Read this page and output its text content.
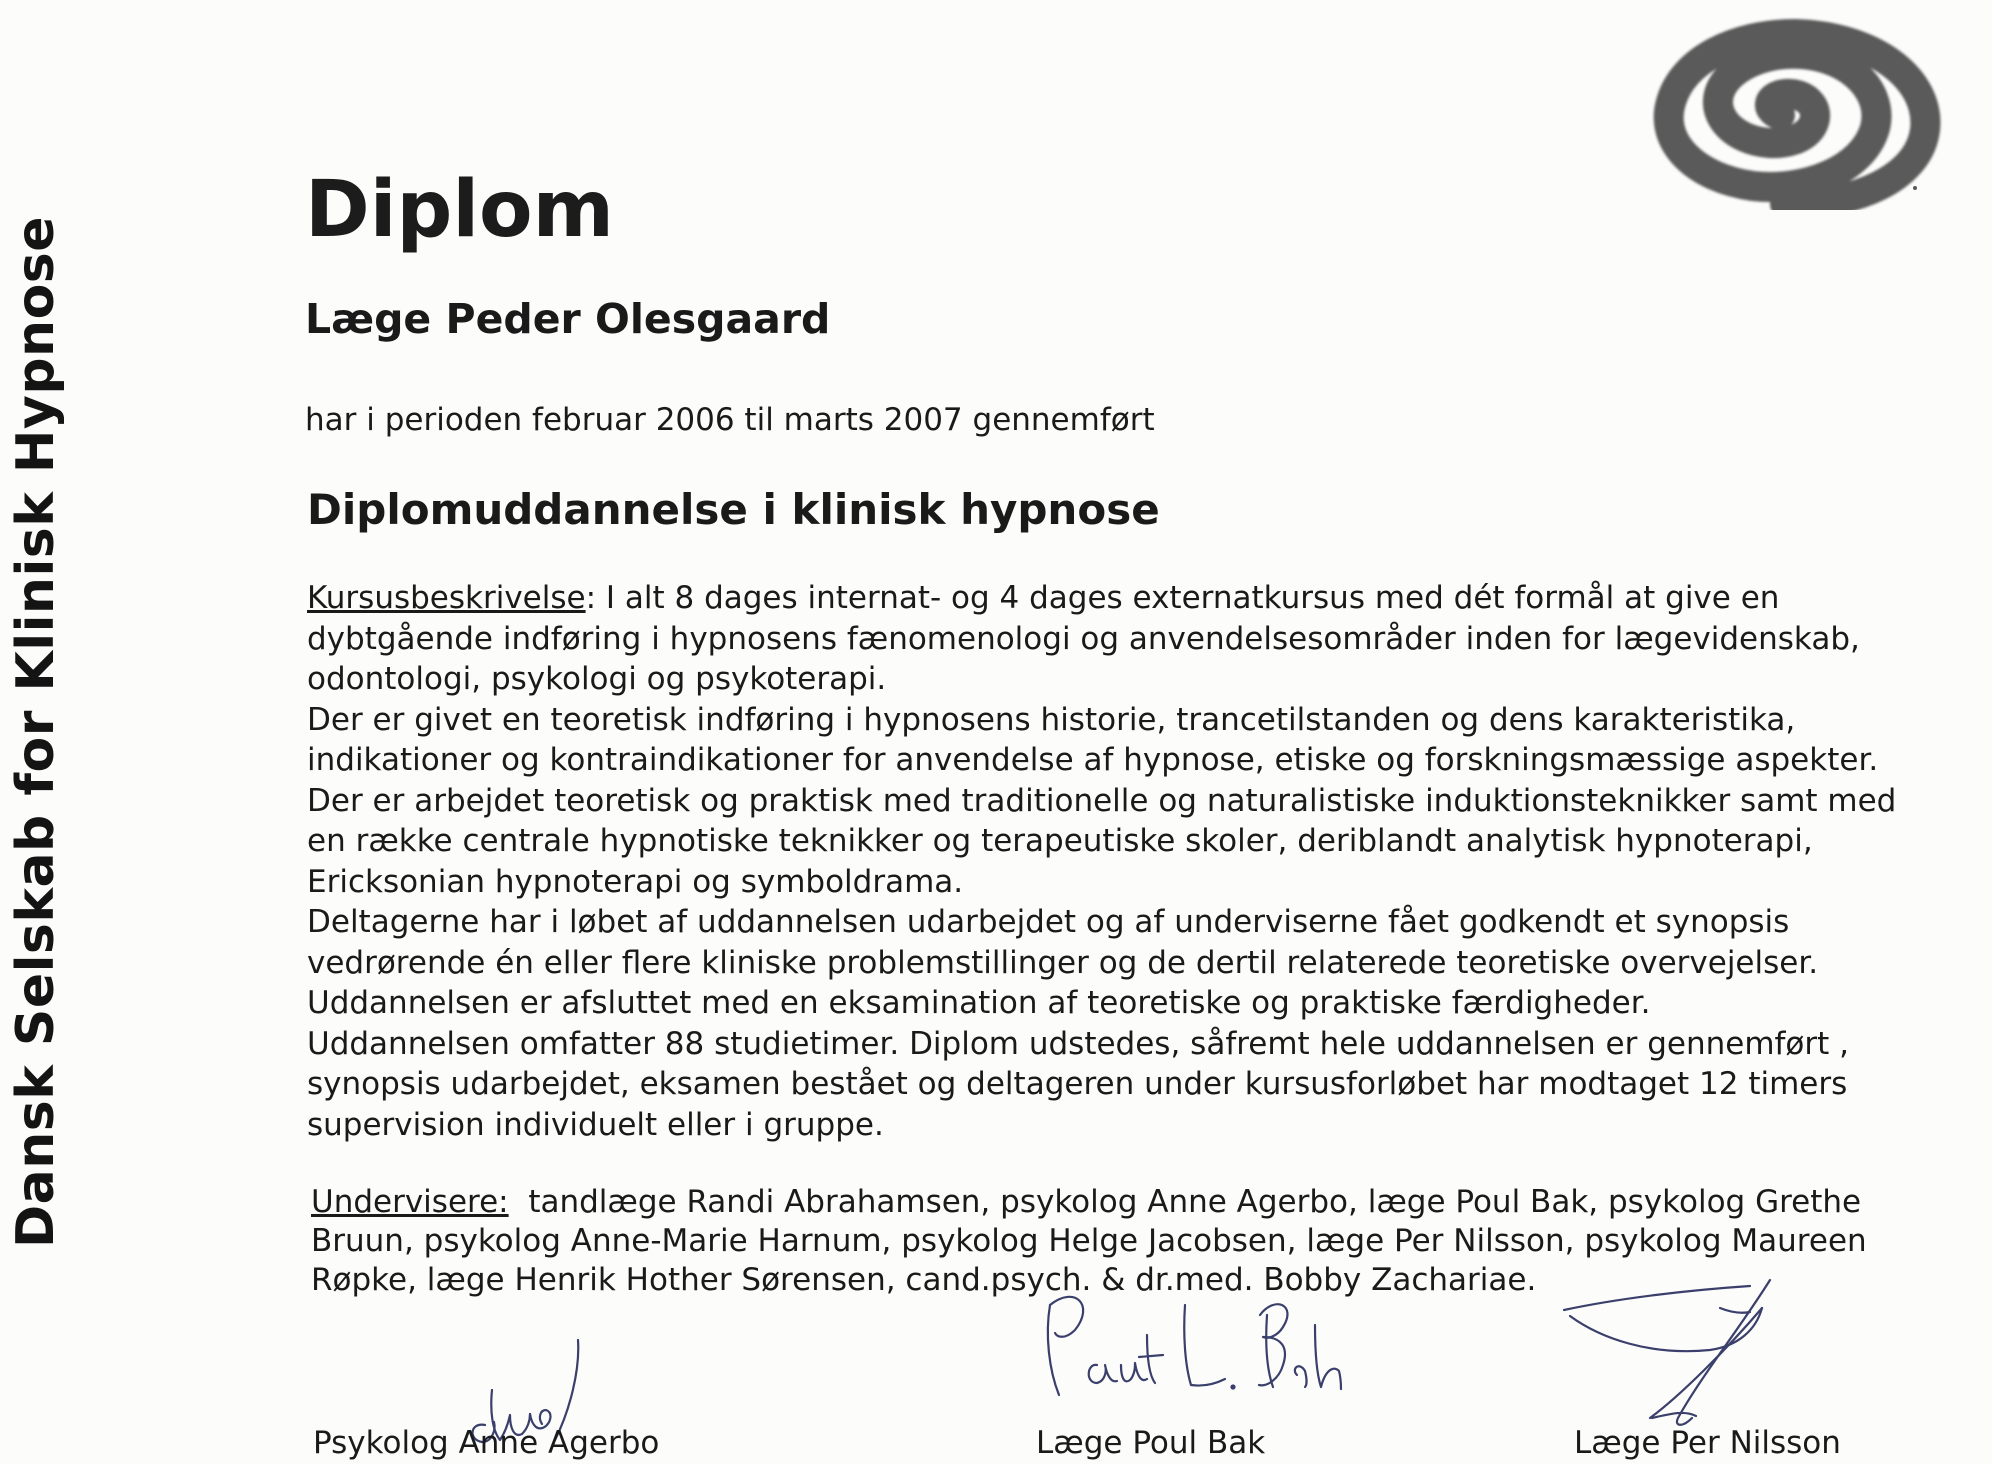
Dansk Selskab for Klinisk Hypnose
Diplom
Læge Peder Olesgaard

har i perioden februar 2006 til marts 2007 gennemført

Diplomuddannelse i klinisk hypnose
Kursusbeskrivelse: I alt 8 dages internat- og 4 dages externatkursus med dét formål at give en
dybtgående indføring i hypnosens fænomenologi og anvendelsesområder inden for lægevidenskab,
odontologi, psykologi og psykoterapi.
Der er givet en teoretisk indføring i hypnosens historie, trancetilstanden og dens karakteristika,
indikationer og kontraindikationer for anvendelse af hypnose, etiske og forskningsmæssige aspekter.
Der er arbejdet teoretisk og praktisk med traditionelle og naturalistiske induktionsteknikker samt med
en række centrale hypnotiske teknikker og terapeutiske skoler, deriblandt analytisk hypnoterapi,
Ericksonian hypnoterapi og symboldrama.
Deltagerne har i løbet af uddannelsen udarbejdet og af underviserne fået godkendt et synopsis
vedrørende én eller flere kliniske problemstillinger og de dertil relaterede teoretiske overvejelser.
Uddannelsen er afsluttet med en eksamination af teoretiske og praktiske færdigheder.
Uddannelsen omfatter 88 studietimer. Diplom udstedes, såfremt hele uddannelsen er gennemført ,
synopsis udarbejdet, eksamen bestået og deltageren under kursusforløbet har modtaget 12 timers
supervision individuelt eller i gruppe.
Undervisere:  tandlæge Randi Abrahamsen, psykolog Anne Agerbo, læge Poul Bak, psykolog Grethe
Bruun, psykolog Anne-Marie Harnum, psykolog Helge Jacobsen, læge Per Nilsson, psykolog Maureen
Røpke, læge Henrik Hother Sørensen, cand.psych. & dr.med. Bobby Zachariae.

Psykolog Anne Agerbo	Læge Poul Bak	Læge Per Nilsson
